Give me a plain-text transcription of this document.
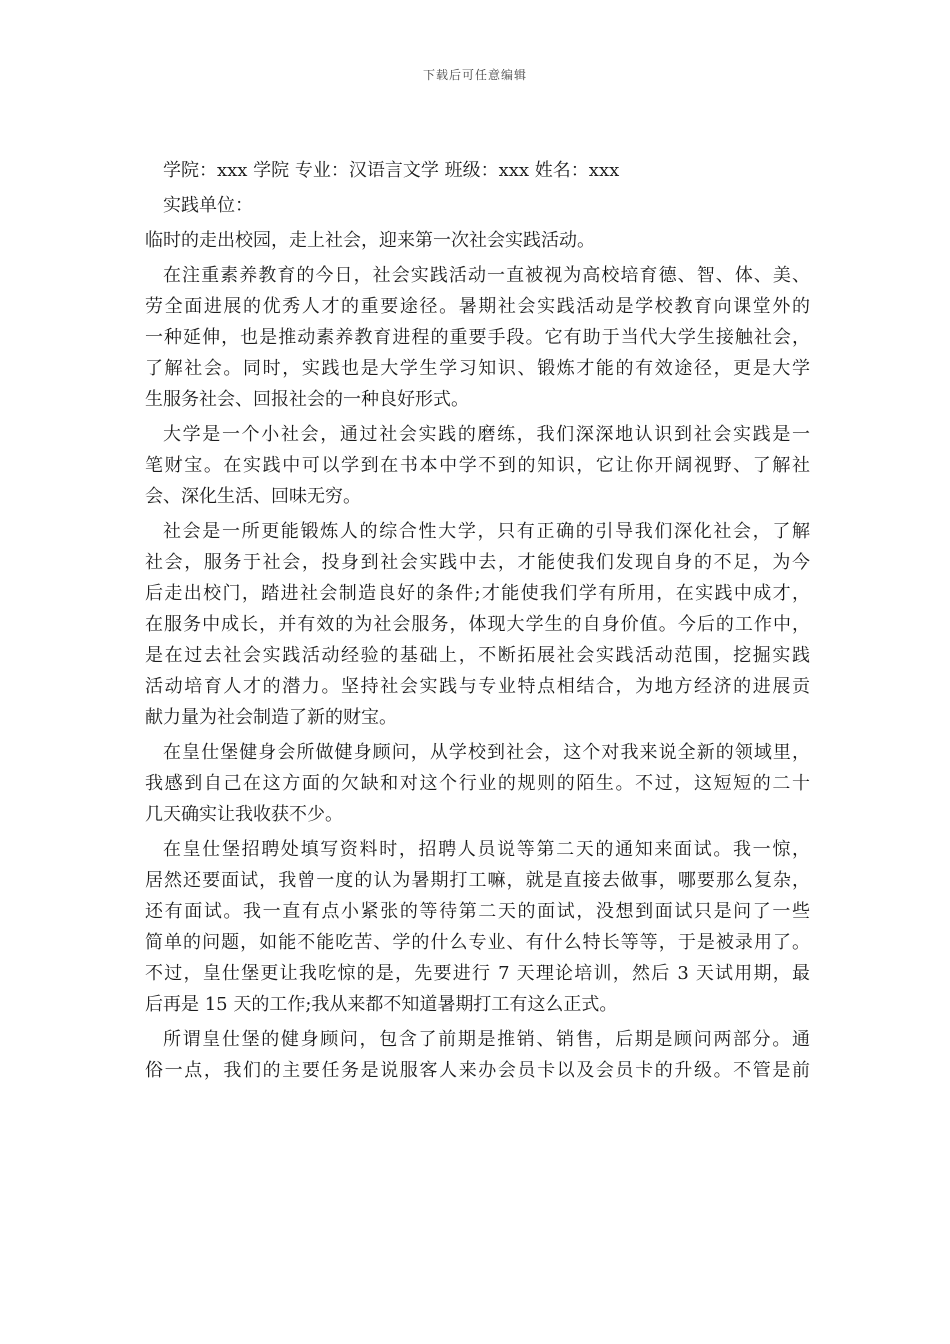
下载后可任意编辑
学院：xxx 学院 专业：汉语言文学 班级：xxx 姓名：xxx
实践单位：
临时的走出校园，走上社会，迎来第一次社会实践活动。
在注重素养教育的今日，社会实践活动一直被视为高校培育德、智、体、美、
劳全面进展的优秀人才的重要途径。暑期社会实践活动是学校教育向课堂外的
一种延伸，也是推动素养教育进程的重要手段。它有助于当代大学生接触社会，
了解社会。同时，实践也是大学生学习知识、锻炼才能的有效途径，更是大学
生服务社会、回报社会的一种良好形式。
大学是一个小社会，通过社会实践的磨练，我们深深地认识到社会实践是一
笔财宝。在实践中可以学到在书本中学不到的知识，它让你开阔视野、了解社
会、深化生活、回味无穷。
社会是一所更能锻炼人的综合性大学，只有正确的引导我们深化社会，了解
社会，服务于社会，投身到社会实践中去，才能使我们发现自身的不足，为今
后走出校门，踏进社会制造良好的条件;才能使我们学有所用，在实践中成才，
在服务中成长，并有效的为社会服务，体现大学生的自身价值。今后的工作中，
是在过去社会实践活动经验的基础上，不断拓展社会实践活动范围，挖掘实践
活动培育人才的潜力。坚持社会实践与专业特点相结合，为地方经济的进展贡
献力量为社会制造了新的财宝。
在皇仕堡健身会所做健身顾问，从学校到社会，这个对我来说全新的领域里，
我感到自己在这方面的欠缺和对这个行业的规则的陌生。不过，这短短的二十
几天确实让我收获不少。
在皇仕堡招聘处填写资料时，招聘人员说等第二天的通知来面试。我一惊，
居然还要面试，我曾一度的认为暑期打工嘛，就是直接去做事，哪要那么复杂，
还有面试。我一直有点小紧张的等待第二天的面试，没想到面试只是问了一些
简单的问题，如能不能吃苦、学的什么专业、有什么特长等等，于是被录用了。
不过，皇仕堡更让我吃惊的是，先要进行 7 天理论培训，然后 3 天试用期，最
后再是 15 天的工作;我从来都不知道暑期打工有这么正式。
所谓皇仕堡的健身顾问，包含了前期是推销、销售，后期是顾问两部分。通
俗一点，我们的主要任务是说服客人来办会员卡以及会员卡的升级。不管是前
